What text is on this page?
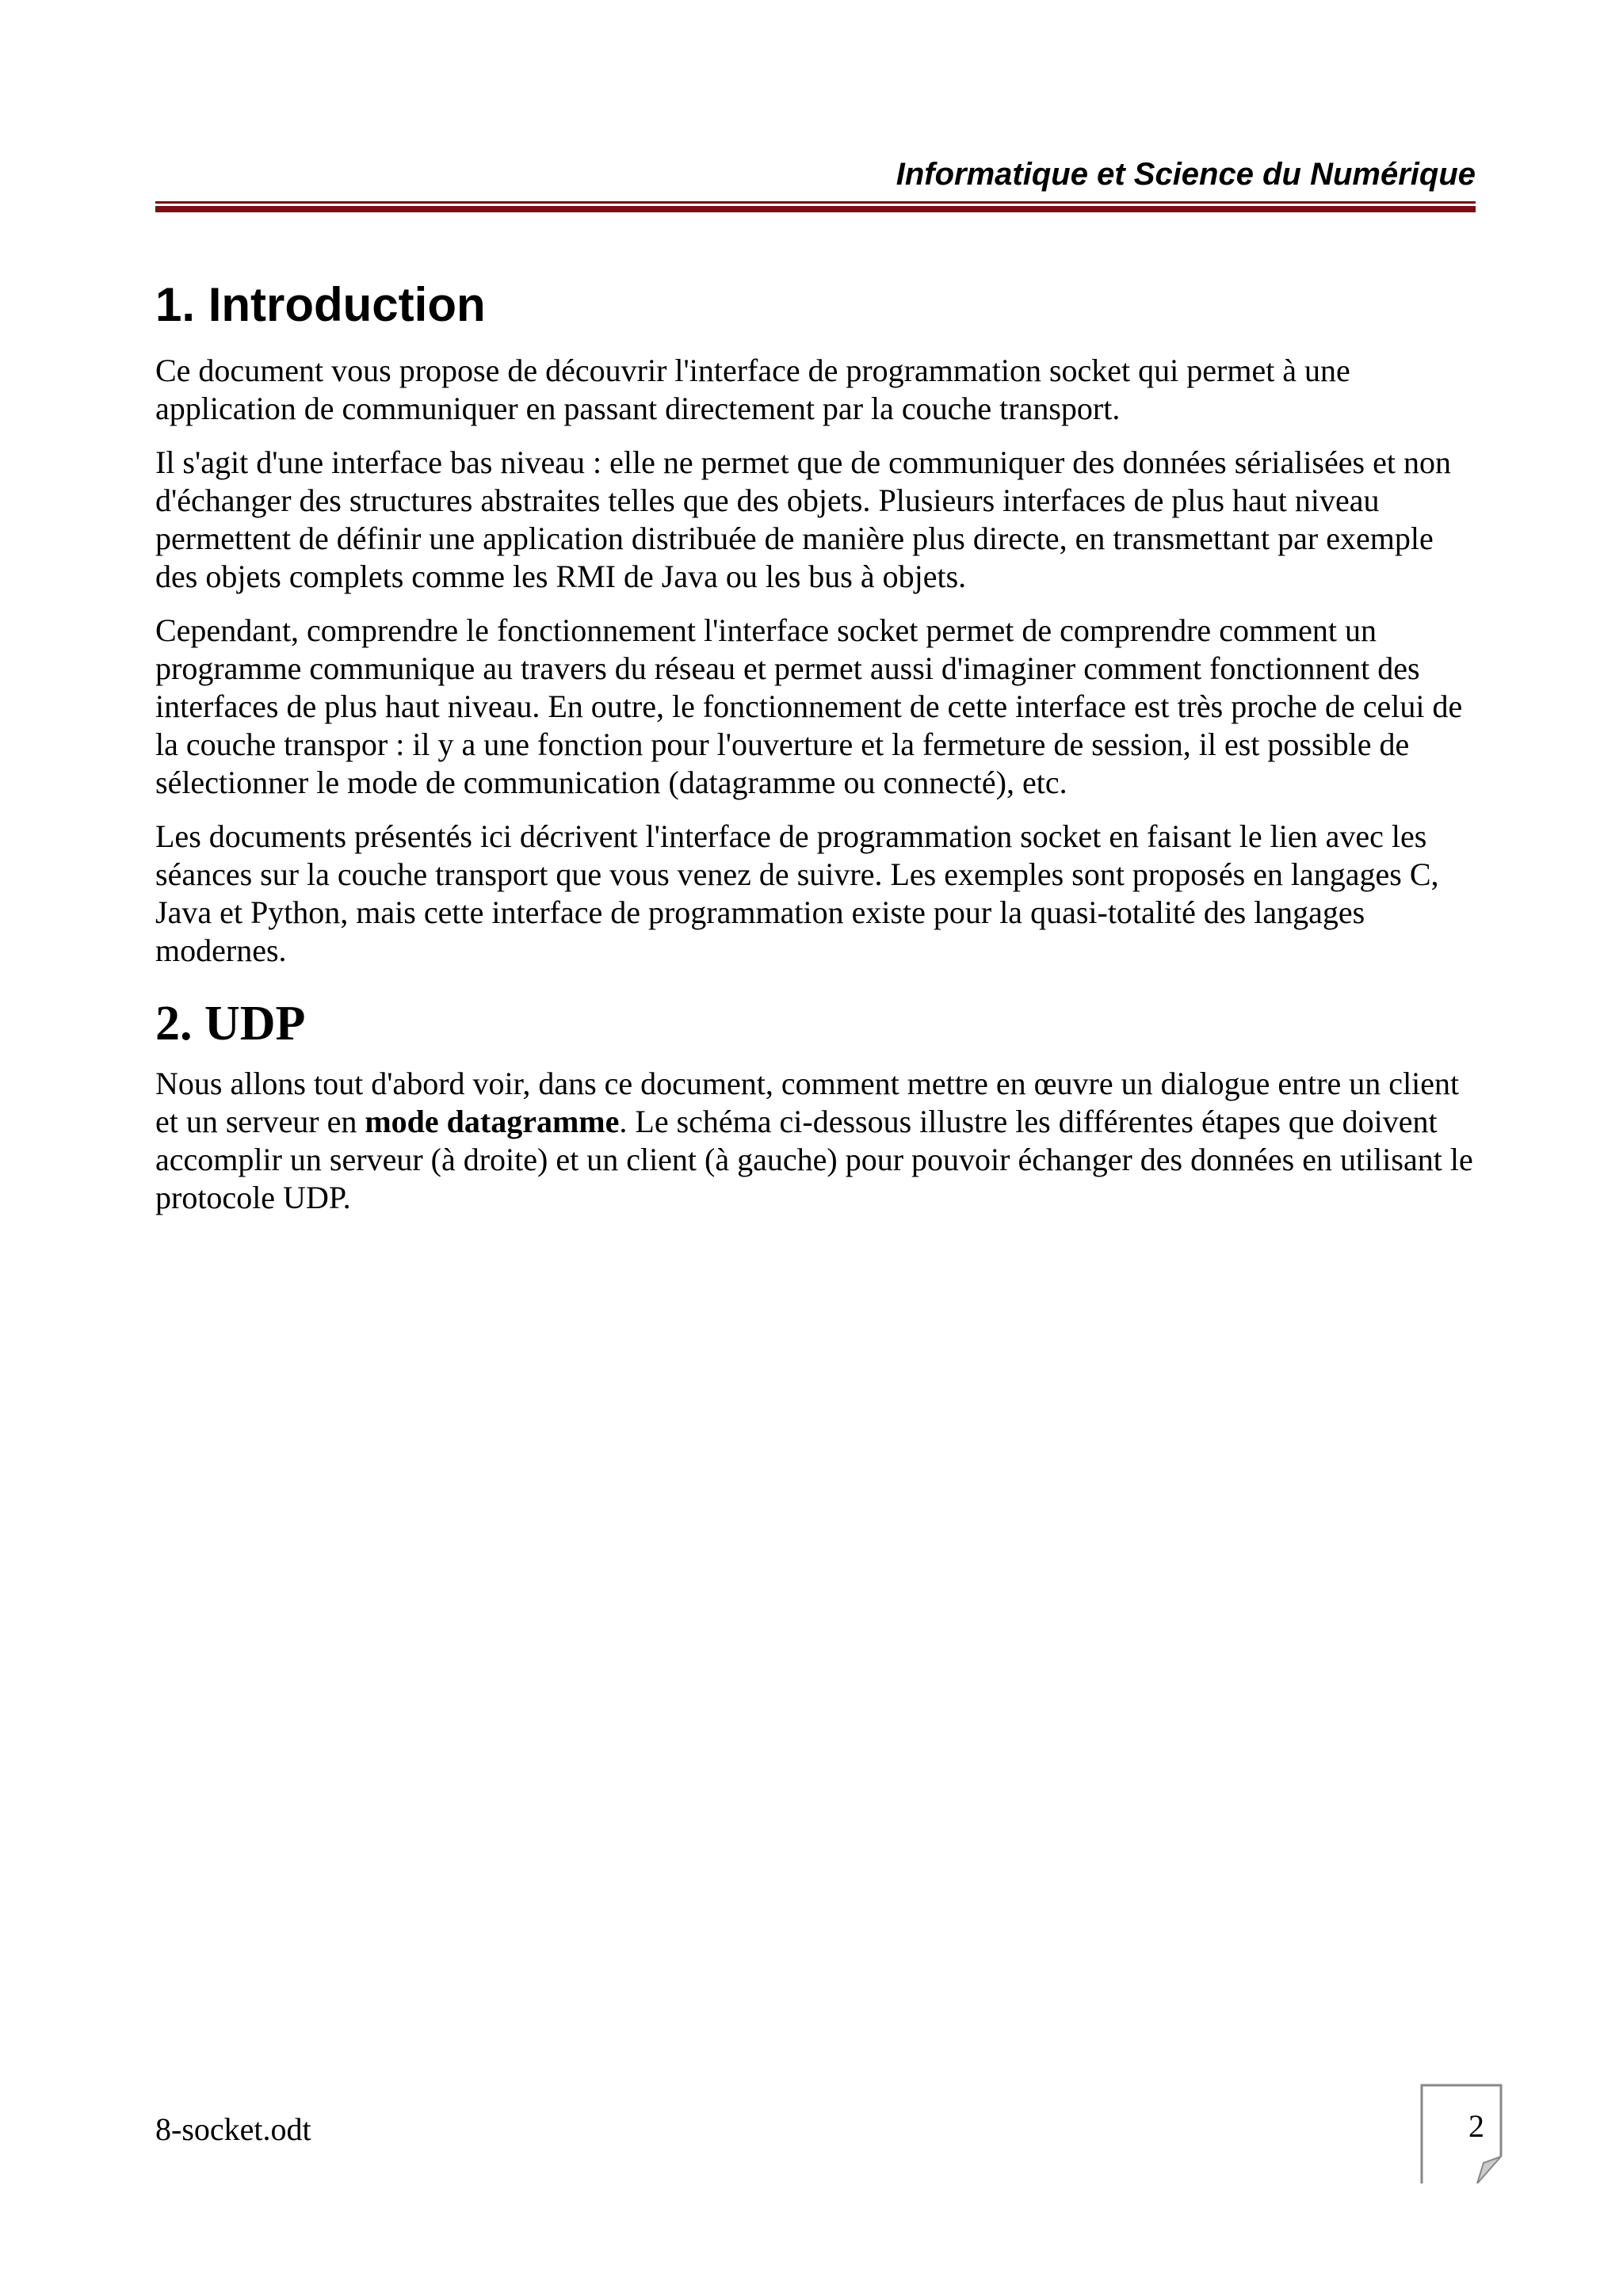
Informatique et Science du Numérique
1. Introduction

Ce document vous propose de découvrir l'interface de programmation socket qui permet à une application de communiquer en passant directement par la couche transport.

Il s'agit d'une interface bas niveau : elle ne permet que de communiquer des données sérialisées et non d'échanger des structures abstraites telles que des objets. Plusieurs interfaces de plus haut niveau permettent de définir une application distribuée de manière plus directe, en transmettant par exemple des objets complets comme les RMI de Java ou les bus à objets.

Cependant, comprendre le fonctionnement l'interface socket permet de comprendre comment un programme communique au travers du réseau et permet aussi d'imaginer comment fonctionnent des interfaces de plus haut niveau. En outre, le fonctionnement de cette interface est très proche de celui de la couche transpor : il y a une fonction pour l'ouverture et la fermeture de session, il est possible de sélectionner le mode de communication (datagramme ou connecté), etc.

Les documents présentés ici décrivent l'interface de programmation socket en faisant le lien avec les séances sur la couche transport que vous venez de suivre. Les exemples sont proposés en langages C, Java et Python, mais cette interface de programmation existe pour la quasi-totalité des langages modernes.

2. UDP

Nous allons tout d'abord voir, dans ce document, comment mettre en œuvre un dialogue entre un client et un serveur en mode datagramme. Le schéma ci-dessous illustre les différentes étapes que doivent accomplir un serveur (à droite) et un client (à gauche) pour pouvoir échanger des données en utilisant le protocole UDP.

8-socket.odt	2
